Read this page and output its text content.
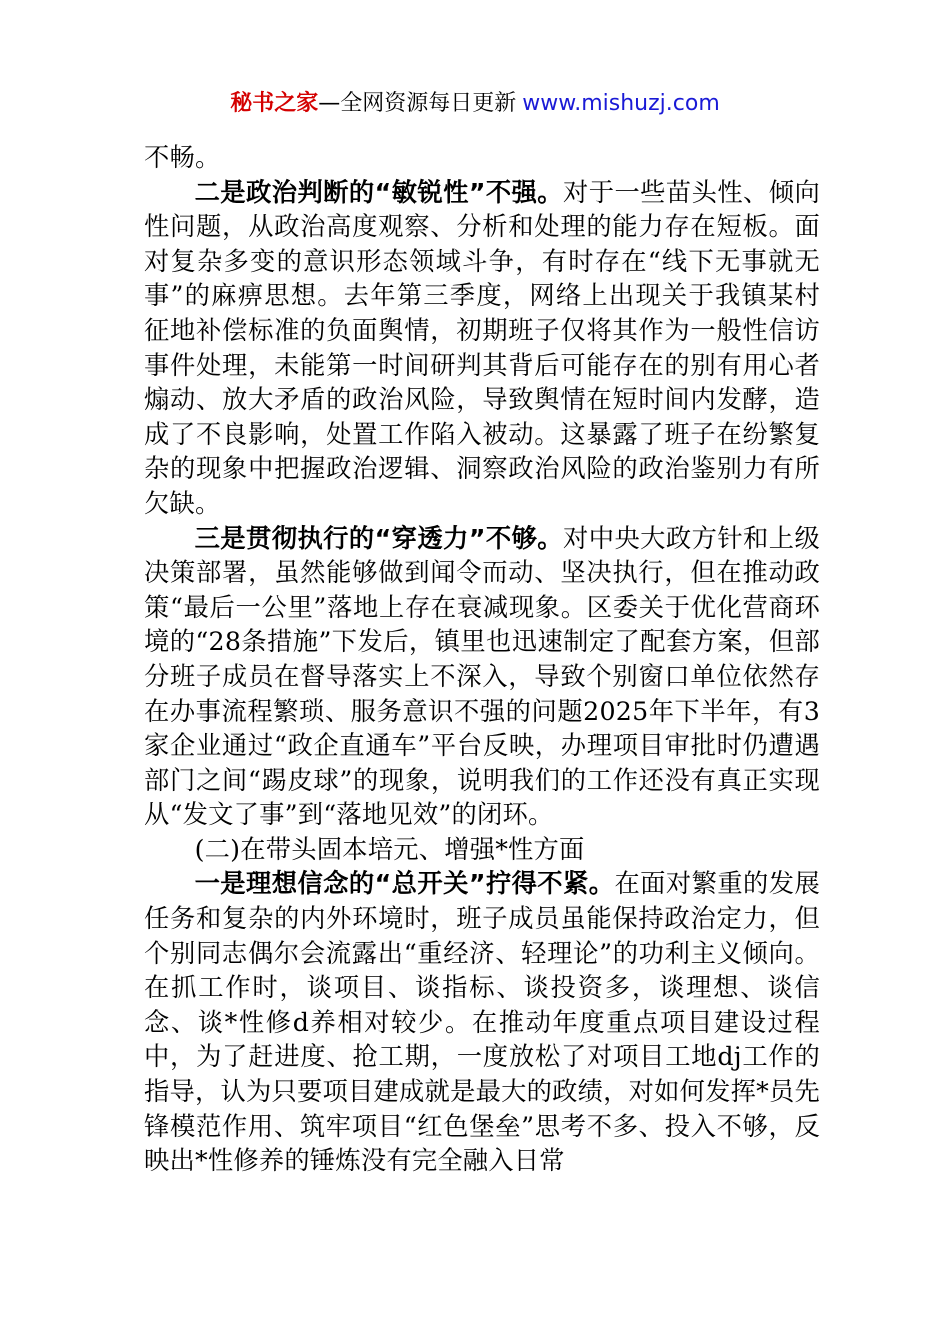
秘书之家—全网资源每日更新 www.mishuzj.com

不畅。

二是政治判断的“敏锐性”不强。对于一些苗头性、倾向性问题，从政治高度观察、分析和处理的能力存在短板。面对复杂多变的意识形态领域斗争，有时存在“线下无事就无事”的麻痹思想。去年第三季度，网络上出现关于我镇某村征地补偿标准的负面舆情，初期班子仅将其作为一般性信访事件处理，未能第一时间研判其背后可能存在的别有用心者煽动、放大矛盾的政治风险，导致舆情在短时间内发酵，造成了不良影响，处置工作陷入被动。这暴露了班子在纷繁复杂的现象中把握政治逻辑、洞察政治风险的政治鉴别力有所欠缺。

三是贯彻执行的“穿透力”不够。对中央大政方针和上级决策部署，虽然能够做到闻令而动、坚决执行，但在推动政策“最后一公里”落地上存在衰减现象。区委关于优化营商环境的“28条措施”下发后，镇里也迅速制定了配套方案，但部分班子成员在督导落实上不深入，导致个别窗口单位依然存在办事流程繁琐、服务意识不强的问题2025年下半年，有3家企业通过“政企直通车”平台反映，办理项目审批时仍遭遇部门之间“踢皮球”的现象，说明我们的工作还没有真正实现从“发文了事”到“落地见效”的闭环。

(二)在带头固本培元、增强*性方面

一是理想信念的“总开关”拧得不紧。在面对繁重的发展任务和复杂的内外环境时，班子成员虽能保持政治定力，但个别同志偶尔会流露出“重经济、轻理论”的功利主义倾向。在抓工作时，谈项目、谈指标、谈投资多，谈理想、谈信念、谈*性修d养相对较少。在推动年度重点项目建设过程中，为了赶进度、抢工期，一度放松了对项目工地dj工作的指导，认为只要项目建成就是最大的政绩，对如何发挥*员先锋模范作用、筑牢项目“红色堡垒”思考不多、投入不够，反映出*性修养的锤炼没有完全融入日常
